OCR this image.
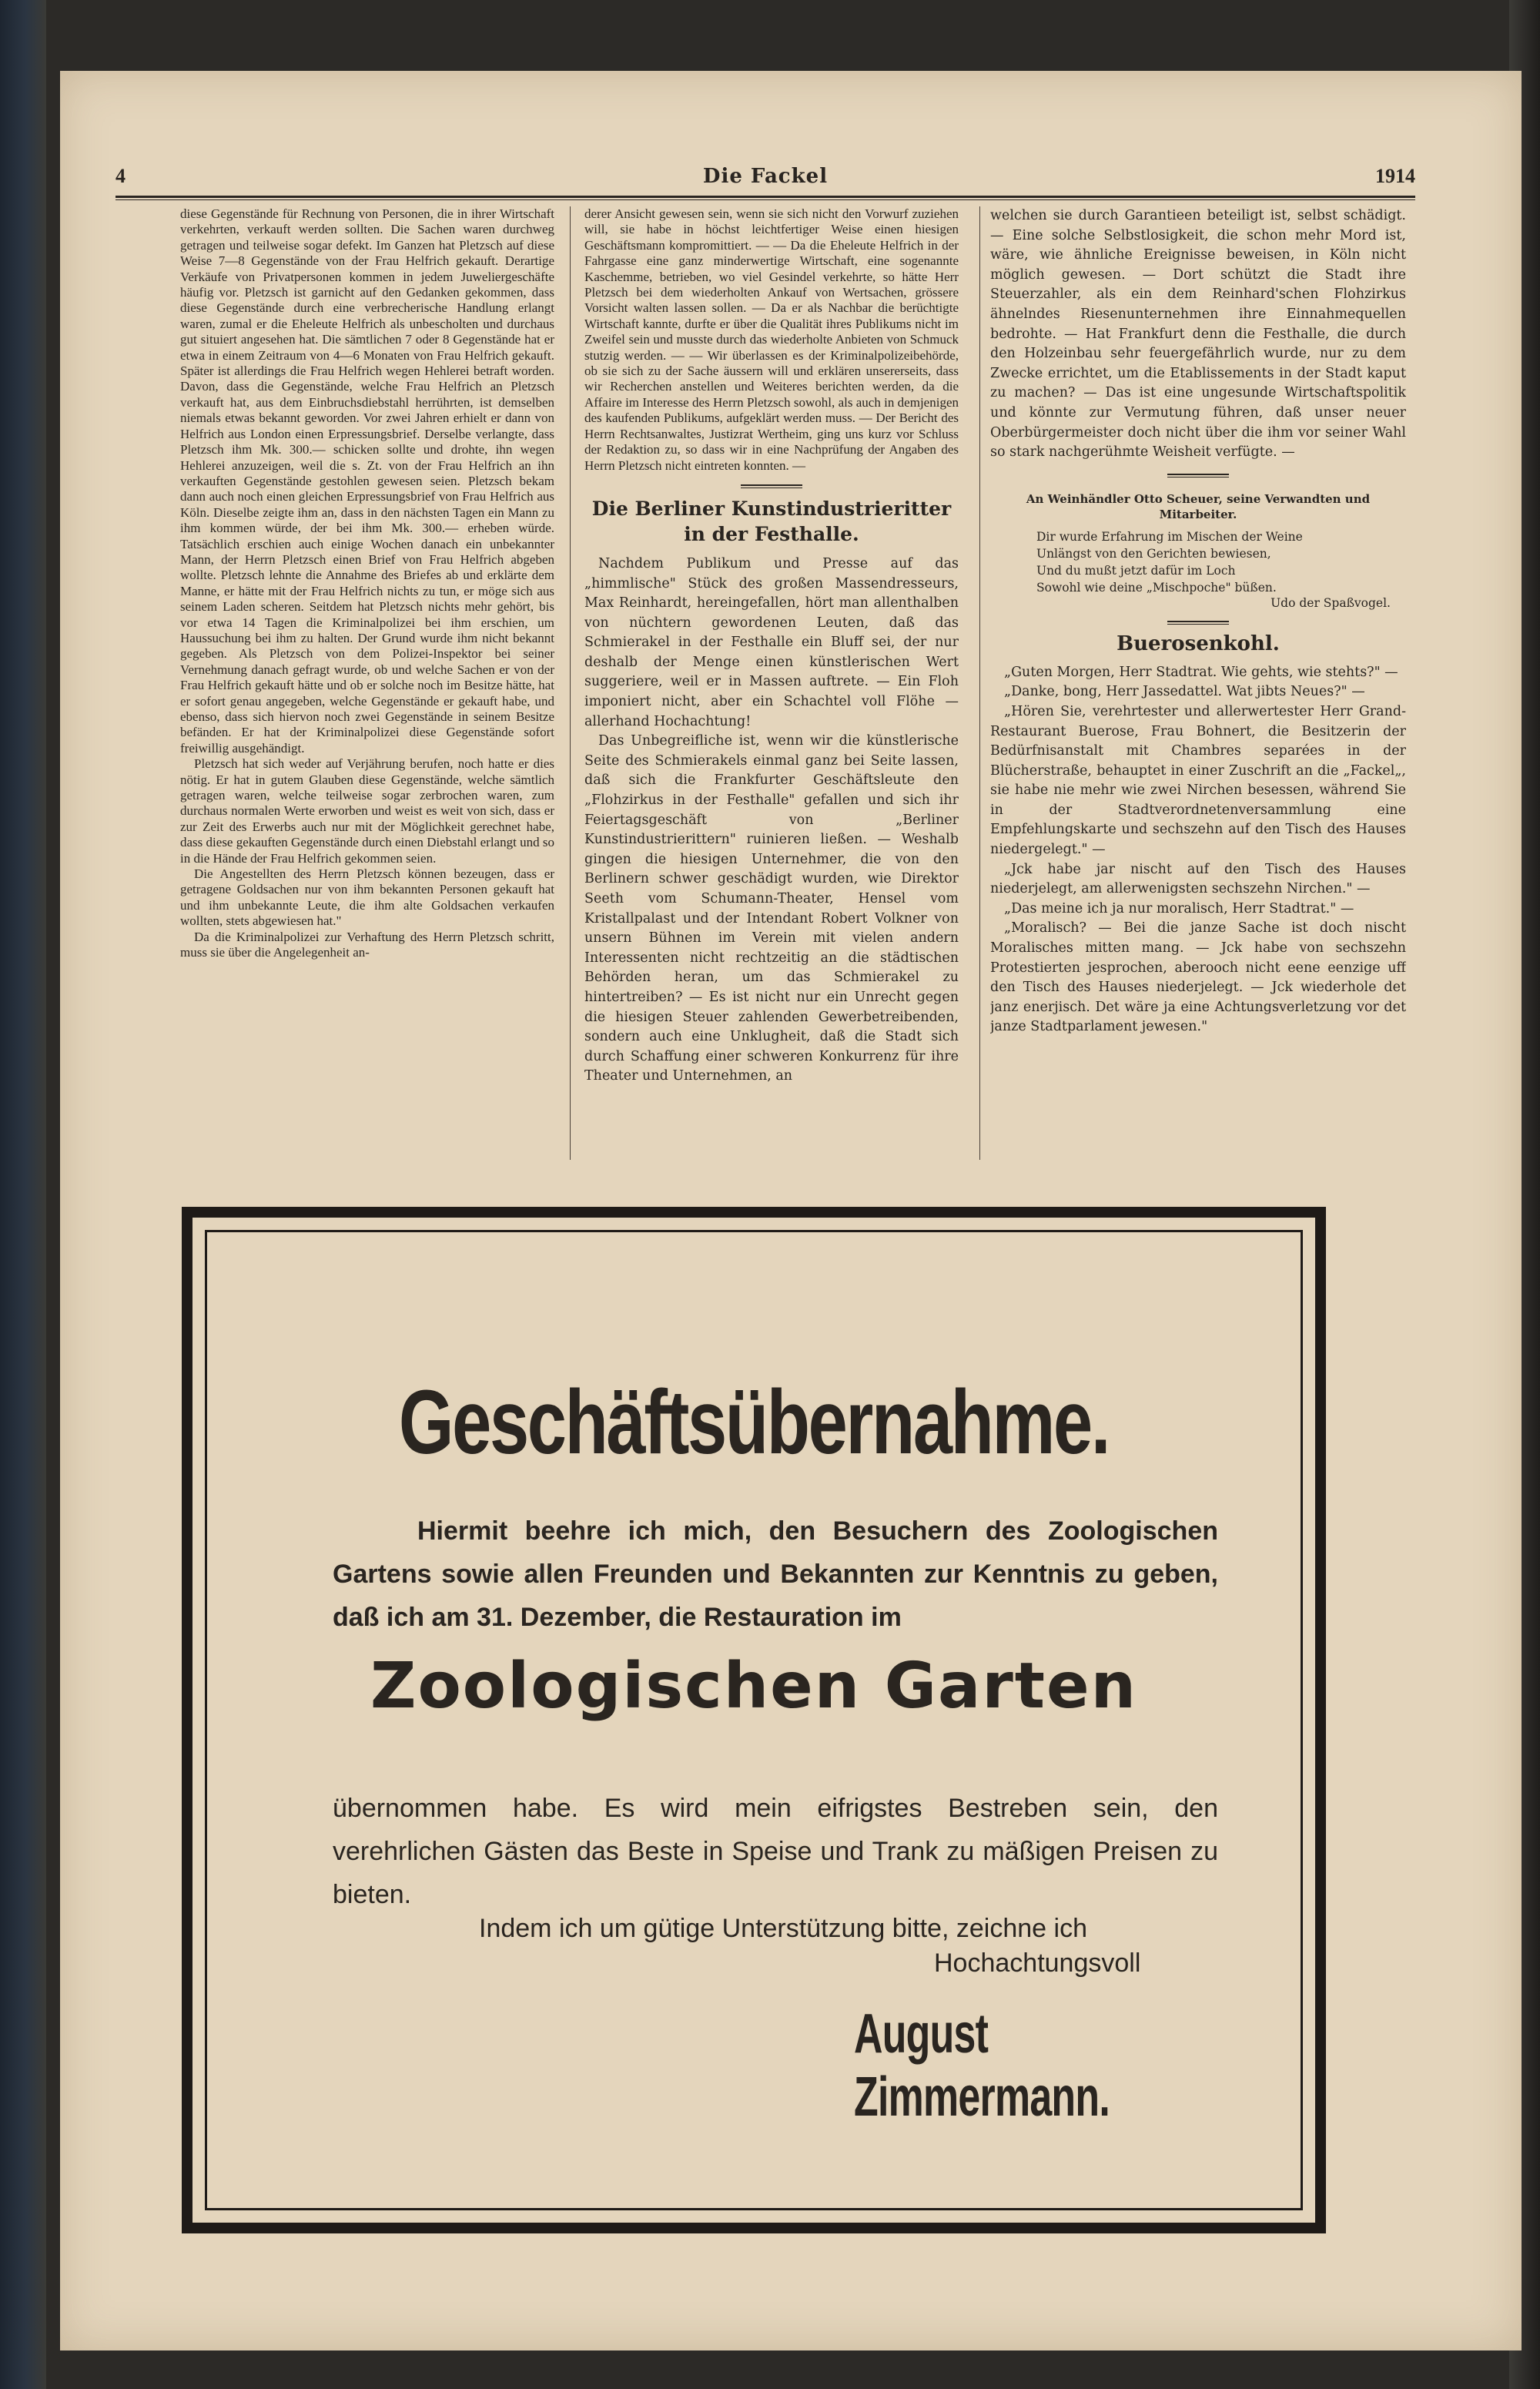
4	Die Fackel	1914

diese Gegenstände für Rechnung von Personen, die in ihrer Wirtschaft verkehrten, verkauft werden sollten. Die Sachen waren durchweg getragen und teilweise sogar defekt. Im Ganzen hat Pletzsch auf diese Weise 7—8 Gegenstände von der Frau Helfrich gekauft. Derartige Verkäufe von Privatpersonen kommen in jedem Juweliergeschäfte häufig vor. Pletzsch ist garnicht auf den Gedanken gekommen, dass diese Gegenstände durch eine verbrecherische Handlung erlangt waren, zumal er die Eheleute Helfrich als unbescholten und durchaus gut situiert angesehen hat. Die sämtlichen 7 oder 8 Gegenstände hat er etwa in einem Zeitraum von 4—6 Monaten von Frau Helfrich gekauft. Später ist allerdings die Frau Helfrich wegen Hehlerei betraft worden. Davon, dass die Gegenstände, welche Frau Helfrich an Pletzsch verkauft hat, aus dem Einbruchsdiebstahl herrührten, ist demselben niemals etwas bekannt geworden. Vor zwei Jahren erhielt er dann von Helfrich aus London einen Erpressungsbrief. Derselbe verlangte, dass Pletzsch ihm Mk. 300.— schicken sollte und drohte, ihn wegen Hehlerei anzuzeigen, weil die s. Zt. von der Frau Helfrich an ihn verkauften Gegenstände gestohlen gewesen seien. Pletzsch bekam dann auch noch einen gleichen Erpressungsbrief von Frau Helfrich aus Köln. Dieselbe zeigte ihm an, dass in den nächsten Tagen ein Mann zu ihm kommen würde, der bei ihm Mk. 300.— erheben würde. Tatsächlich erschien auch einige Wochen danach ein unbekannter Mann, der Herrn Pletzsch einen Brief von Frau Helfrich abgeben wollte. Pletzsch lehnte die Annahme des Briefes ab und erklärte dem Manne, er hätte mit der Frau Helfrich nichts zu tun, er möge sich aus seinem Laden scheren. Seitdem hat Pletzsch nichts mehr gehört, bis vor etwa 14 Tagen die Kriminalpolizei bei ihm erschien, um Haussuchung bei ihm zu halten. Der Grund wurde ihm nicht bekannt gegeben. Als Pletzsch von dem Polizei-Inspektor bei seiner Vernehmung danach gefragt wurde, ob und welche Sachen er von der Frau Helfrich gekauft hätte und ob er solche noch im Besitze hätte, hat er sofort genau angegeben, welche Gegenstände er gekauft habe, und ebenso, dass sich hiervon noch zwei Gegenstände in seinem Besitze befänden. Er hat der Kriminalpolizei diese Gegenstände sofort freiwillig ausgehändigt.

Pletzsch hat sich weder auf Verjährung berufen, noch hatte er dies nötig. Er hat in gutem Glauben diese Gegenstände, welche sämtlich getragen waren, welche teilweise sogar zerbrochen waren, zum durchaus normalen Werte erworben und weist es weit von sich, dass er zur Zeit des Erwerbs auch nur mit der Möglichkeit gerechnet habe, dass diese gekauften Gegenstände durch einen Diebstahl erlangt und so in die Hände der Frau Helfrich gekommen seien.

Die Angestellten des Herrn Pletzsch können bezeugen, dass er getragene Goldsachen nur von ihm bekannten Personen gekauft hat und ihm unbekannte Leute, die ihm alte Goldsachen verkaufen wollten, stets abgewiesen hat."

Da die Kriminalpolizei zur Verhaftung des Herrn Pletzsch schritt, muss sie über die Angelegenheit an-

derer Ansicht gewesen sein, wenn sie sich nicht den Vorwurf zuziehen will, sie habe in höchst leichtfertiger Weise einen hiesigen Geschäftsmann kompromittiert. — — Da die Eheleute Helfrich in der Fahrgasse eine ganz minderwertige Wirtschaft, eine sogenannte Kaschemme, betrieben, wo viel Gesindel verkehrte, so hätte Herr Pletzsch bei dem wiederholten Ankauf von Wertsachen, grössere Vorsicht walten lassen sollen. — Da er als Nachbar die berüchtigte Wirtschaft kannte, durfte er über die Qualität ihres Publikums nicht im Zweifel sein und musste durch das wiederholte Anbieten von Schmuck stutzig werden. — — Wir überlassen es der Kriminalpolizeibehörde, ob sie sich zu der Sache äussern will und erklären unsererseits, dass wir Recherchen anstellen und Weiteres berichten werden, da die Affaire im Interesse des Herrn Pletzsch sowohl, als auch in demjenigen des kaufenden Publikums, aufgeklärt werden muss. — Der Bericht des Herrn Rechtsanwaltes, Justizrat Wertheim, ging uns kurz vor Schluss der Redaktion zu, so dass wir in eine Nachprüfung der Angaben des Herrn Pletzsch nicht eintreten konnten. —

Die Berliner Kunstindustrieritter in der Festhalle.

Nachdem Publikum und Presse auf das „himmlische" Stück des großen Massendresseurs, Max Reinhardt, hereingefallen, hört man allenthalben von nüchtern gewordenen Leuten, daß das Schmierakel in der Festhalle ein Bluff sei, der nur deshalb der Menge einen künstlerischen Wert suggeriere, weil er in Massen auftrete. — Ein Floh imponiert nicht, aber ein Schachtel voll Flöhe — allerhand Hochachtung!

Das Unbegreifliche ist, wenn wir die künstlerische Seite des Schmierakels einmal ganz bei Seite lassen, daß sich die Frankfurter Geschäftsleute den „Flohzirkus in der Festhalle" gefallen und sich ihr Feiertagsgeschäft von „Berliner Kunstindustrierittern" ruinieren ließen. — Weshalb gingen die hiesigen Unternehmer, die von den Berlinern schwer geschädigt wurden, wie Direktor Seeth vom Schumann-Theater, Hensel vom Kristallpalast und der Intendant Robert Volkner von unsern Bühnen im Verein mit vielen andern Interessenten nicht rechtzeitig an die städtischen Behörden heran, um das Schmierakel zu hintertreiben? — Es ist nicht nur ein Unrecht gegen die hiesigen Steuer zahlenden Gewerbetreibenden, sondern auch eine Unklugheit, daß die Stadt sich durch Schaffung einer schweren Konkurrenz für ihre Theater und Unternehmen, an

welchen sie durch Garantieen beteiligt ist, selbst schädigt. — Eine solche Selbstlosigkeit, die schon mehr Mord ist, wäre, wie ähnliche Ereignisse beweisen, in Köln nicht möglich gewesen. — Dort schützt die Stadt ihre Steuerzahler, als ein dem Reinhard'schen Flohzirkus ähnelndes Riesenunternehmen ihre Einnahmequellen bedrohte. — Hat Frankfurt denn die Festhalle, die durch den Holzeinbau sehr feuergefährlich wurde, nur zu dem Zwecke errichtet, um die Etablissements in der Stadt kaput zu machen? — Das ist eine ungesunde Wirtschaftspolitik und könnte zur Vermutung führen, daß unser neuer Oberbürgermeister doch nicht über die ihm vor seiner Wahl so stark nachgerühmte Weisheit verfügte. —

An Weinhändler Otto Scheuer, seine Verwandten und Mitarbeiter.
Dir wurde Erfahrung im Mischen der Weine
Unlängst von den Gerichten bewiesen,
Und du mußt jetzt dafür im Loch
Sowohl wie deine „Mischpoche" büßen.
Udo der Spaßvogel.
Buerosenkohl.

„Guten Morgen, Herr Stadtrat. Wie gehts, wie stehts?" —

„Danke, bong, Herr Jassedattel. Wat jibts Neues?" —

„Hören Sie, verehrtester und allerwertester Herr Grand-Restaurant Buerose, Frau Bohnert, die Besitzerin der Bedürfnisanstalt mit Chambres separées in der Blücherstraße, behauptet in einer Zuschrift an die „Fackel„, sie habe nie mehr wie zwei Nirchen besessen, während Sie in der Stadtverordnetenversammlung eine Empfehlungskarte und sechszehn auf den Tisch des Hauses niedergelegt." —

„Jck habe jar nischt auf den Tisch des Hauses niederjelegt, am allerwenigsten sechszehn Nirchen." —

„Das meine ich ja nur moralisch, Herr Stadtrat." —

„Moralisch? — Bei die janze Sache ist doch nischt Moralisches mitten mang. — Jck habe von sechszehn Protestierten jesprochen, aberooch nicht eene eenzige uff den Tisch des Hauses niederjelegt. — Jck wiederhole det janz enerjisch. Det wäre ja eine Achtungsverletzung vor det janze Stadtparlament jewesen."

Geschäftsübernahme.
Hiermit beehre ich mich, den Besuchern des Zoologischen Gartens sowie allen Freunden und Bekannten zur Kenntnis zu geben, daß ich am 31. Dezember, die Restauration im
Zoologischen Garten
übernommen habe. Es wird mein eifrigstes Bestreben sein, den verehrlichen Gästen das Beste in Speise und Trank zu mäßigen Preisen zu bieten.
Indem ich um gütige Unterstützung bitte, zeichne ich
Hochachtungsvoll
August Zimmermann.
